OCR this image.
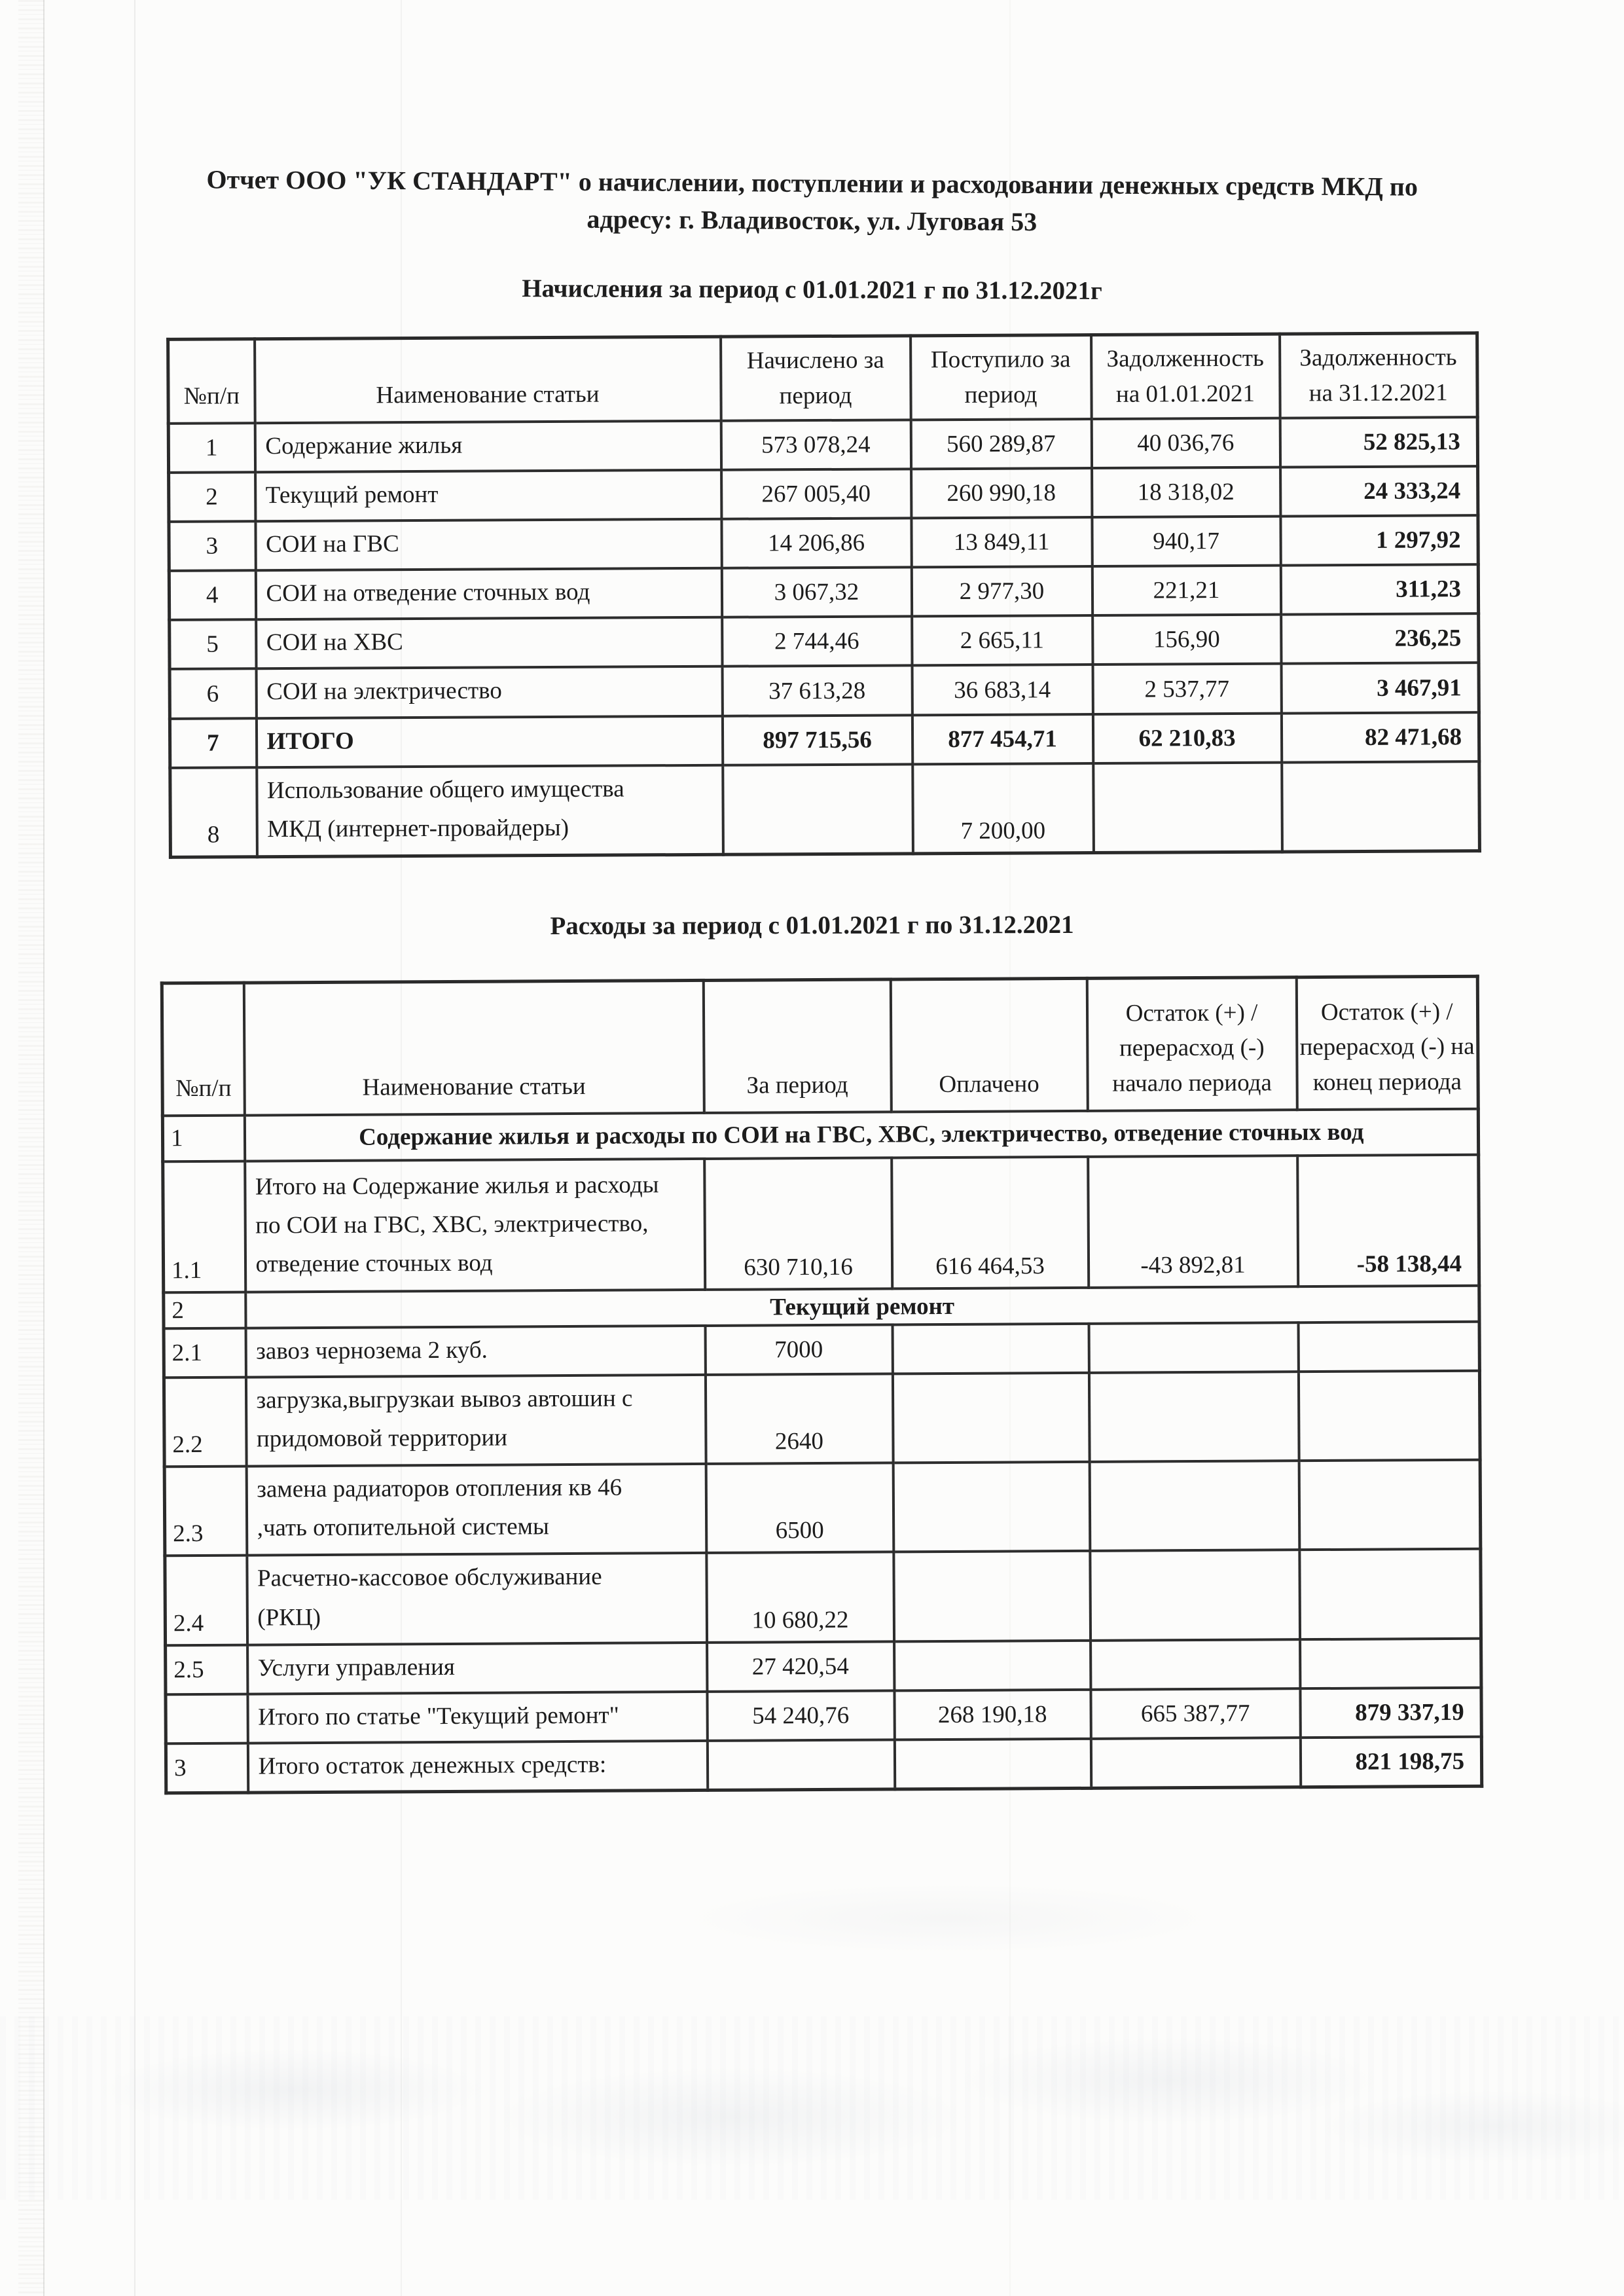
Отчет ООО "УК СТАНДАРТ" о начислении, поступлении и расходовании денежных средств МКД по
адресу: г. Владивосток, ул. Луговая 53
Начисления за период с 01.01.2021 г по 31.12.2021г
№п/п	Наименование статьи	Начислено за
период	Поступило за
период	Задолженность
на 01.01.2021	Задолженность
на 31.12.2021
1	Содержание жилья	573 078,24	560 289,87	40 036,76	52 825,13
2	Текущий ремонт	267 005,40	260 990,18	18 318,02	24 333,24
3	СОИ на ГВС	14 206,86	13 849,11	940,17	1 297,92
4	СОИ на отведение сточных вод	3 067,32	2 977,30	221,21	311,23
5	СОИ на ХВС	2 744,46	2 665,11	156,90	236,25
6	СОИ на электричество	37 613,28	36 683,14	2 537,77	3 467,91
7	ИТОГО	897 715,56	877 454,71	62 210,83	82 471,68
8	Использование общего имущества
МКД (интернет-провайдеры)		7 200,00		
Расходы за период с 01.01.2021 г по 31.12.2021
№п/п	Наименование статьи	За период	Оплачено	Остаток (+) /
перерасход (-)
начало периода	Остаток (+) /
перерасход (-) на
конец периода
1	Содержание жилья и расходы по СОИ на ГВС, ХВС, электричество, отведение сточных вод				
1.1	Итого на Содержание жилья и расходы
по СОИ на ГВС, ХВС, электричество,
отведение сточных вод	630 710,16	616 464,53	-43 892,81	-58 138,44
2	Текущий ремонт				
2.1	завоз чернозема 2 куб.	7000			
2.2	загрузка,выгрузкаи вывоз автошин с
придомовой территории	2640			
2.3	замена радиаторов отопления кв 46
,чать отопительной системы	6500			
2.4	Расчетно-кассовое обслуживание
(РКЦ)	10 680,22			
2.5	Услуги управления	27 420,54			
	Итого по статье "Текущий ремонт"	54 240,76	268 190,18	665 387,77	879 337,19
3	Итого остаток денежных средств:				821 198,75
